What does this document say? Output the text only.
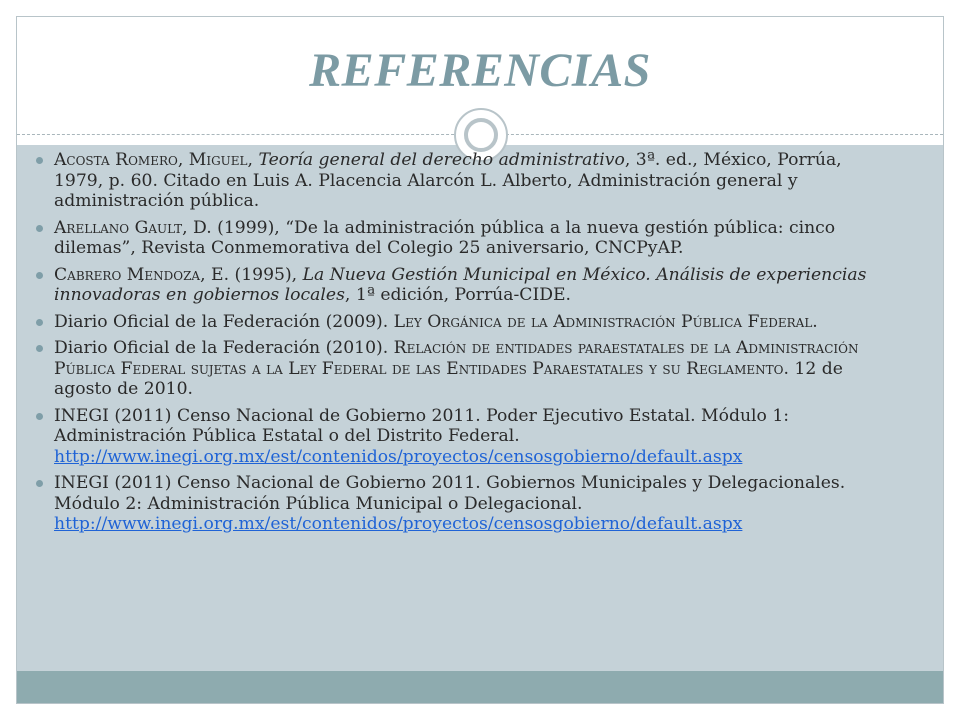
REFERENCIAS
Acosta Romero, Miguel, Teoría general del derecho administrativo, 3ª. ed., México, Porrúa, 1979, p. 60. Citado en Luis A. Placencia Alarcón L. Alberto, Administración general y administración pública.
Arellano Gault, D. (1999), “De la administración pública a la nueva gestión pública: cinco dilemas”, Revista Conmemorativa del Colegio 25 aniversario, CNCPyAP.
Cabrero Mendoza, E. (1995), La Nueva Gestión Municipal en México. Análisis de experiencias innovadoras en gobiernos locales, 1ª edición, Porrúa-CIDE.
Diario Oficial de la Federación (2009). Ley Orgánica de la Administración Pública Federal.
Diario Oficial de la Federación (2010). Relación de entidades paraestatales de la Administración Pública Federal sujetas a la Ley Federal de las Entidades Paraestatales y su Reglamento. 12 de agosto de 2010.
INEGI (2011) Censo Nacional de Gobierno 2011. Poder Ejecutivo Estatal. Módulo 1: Administración Pública Estatal o del Distrito Federal. http://www.inegi.org.mx/est/contenidos/proyectos/censosgobierno/default.aspx
INEGI (2011) Censo Nacional de Gobierno 2011. Gobiernos Municipales y Delegacionales. Módulo 2: Administración Pública Municipal o Delegacional. http://www.inegi.org.mx/est/contenidos/proyectos/censosgobierno/default.aspx
